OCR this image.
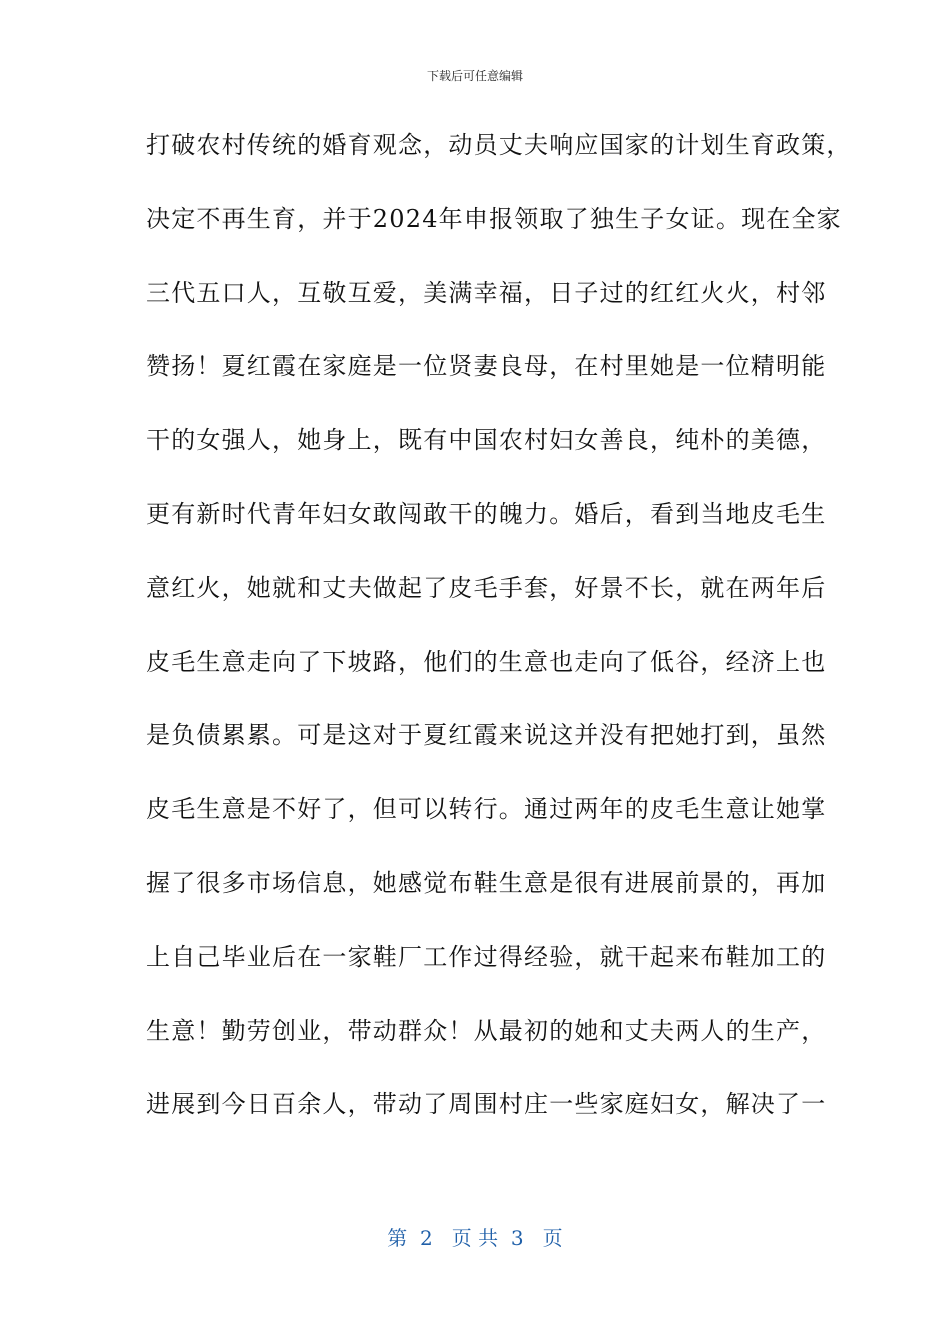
下载后可任意编辑
打破农村传统的婚育观念，动员丈夫响应国家的计划生育政策，
决定不再生育，并于2024年申报领取了独生子女证。现在全家
三代五口人，互敬互爱，美满幸福，日子过的红红火火，村邻
赞扬！夏红霞在家庭是一位贤妻良母，在村里她是一位精明能
干的女强人，她身上，既有中国农村妇女善良，纯朴的美德，
更有新时代青年妇女敢闯敢干的魄力。婚后，看到当地皮毛生
意红火，她就和丈夫做起了皮毛手套，好景不长，就在两年后
皮毛生意走向了下坡路，他们的生意也走向了低谷，经济上也
是负债累累。可是这对于夏红霞来说这并没有把她打到，虽然
皮毛生意是不好了，但可以转行。通过两年的皮毛生意让她掌
握了很多市场信息，她感觉布鞋生意是很有进展前景的，再加
上自己毕业后在一家鞋厂工作过得经验，就干起来布鞋加工的
生意！勤劳创业，带动群众！从最初的她和丈夫两人的生产，
进展到今日百余人，带动了周围村庄一些家庭妇女，解决了一
第  2   页 共  3   页
